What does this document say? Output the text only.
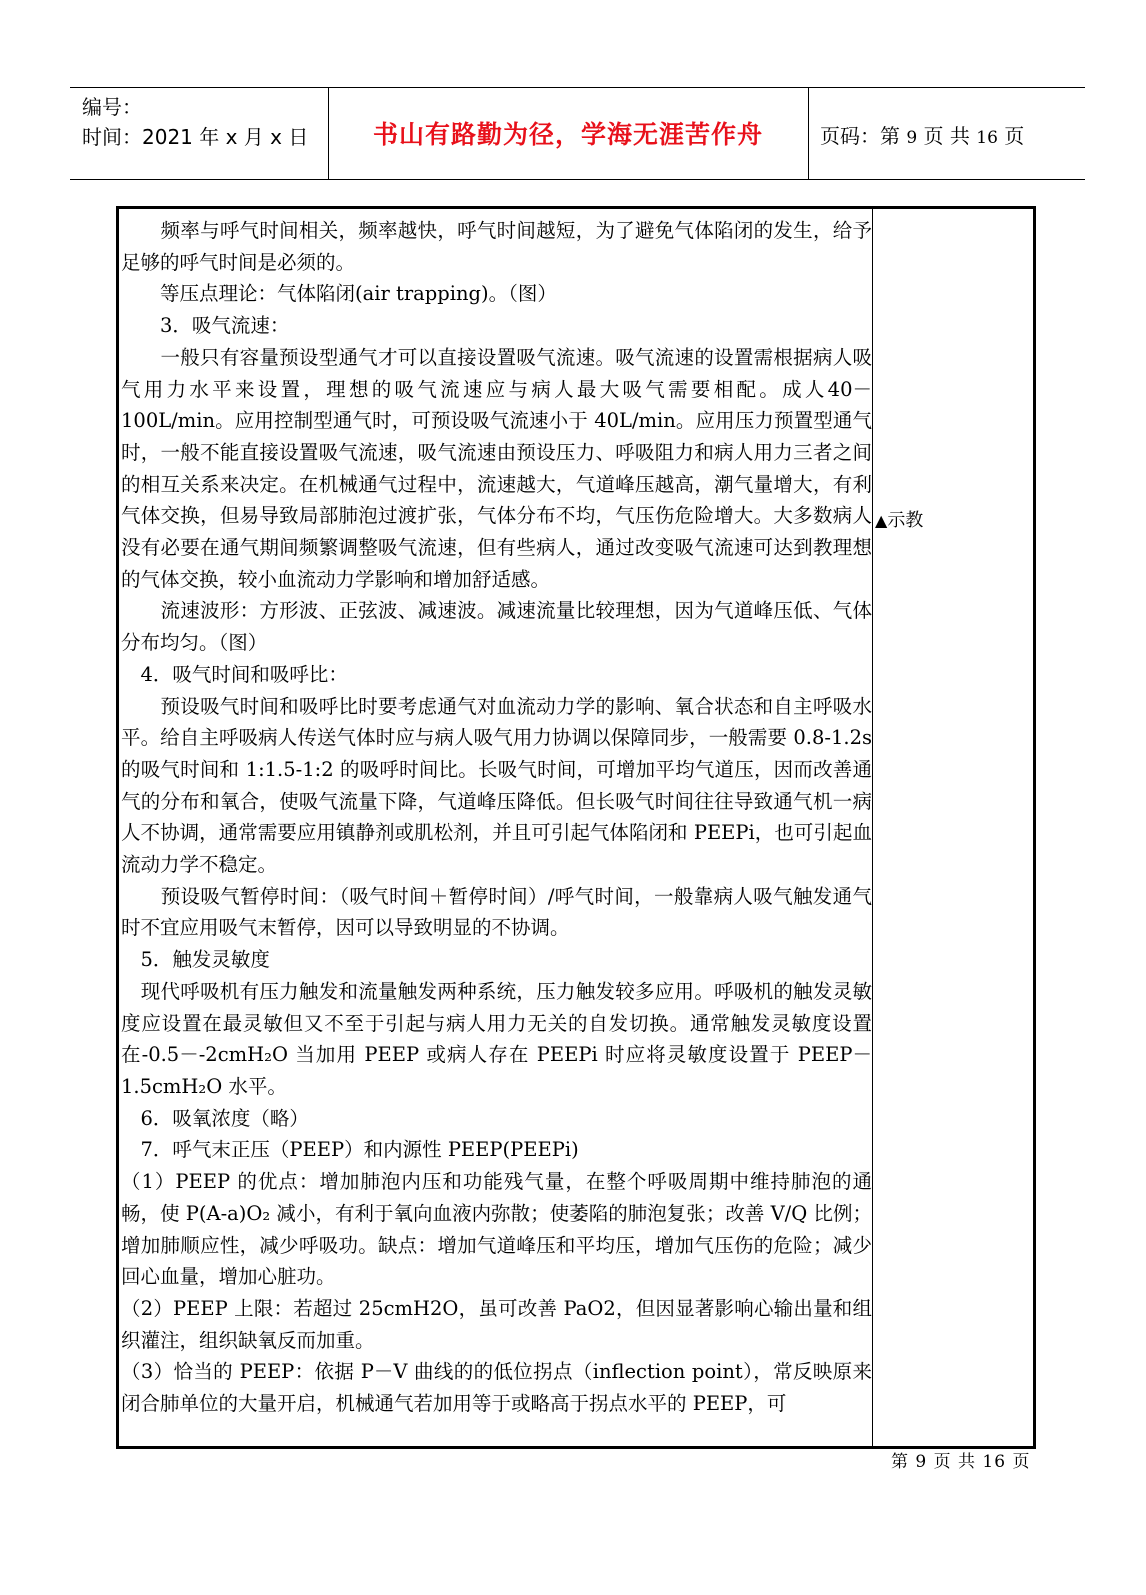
编号：
时间：2021 年 x 月 x 日	书山有路勤为径，学海无涯苦作舟	页码：第 9 页 共 16 页

　　频率与呼气时间相关，频率越快，呼气时间越短，为了避免气体陷闭的发生，给予足够的呼气时间是必须的。

　　等压点理论：气体陷闭(air trapping)。（图）

　　3．吸气流速：

　　一般只有容量预设型通气才可以直接设置吸气流速。吸气流速的设置需根据病人吸气用力水平来设置，理想的吸气流速应与病人最大吸气需要相配。成人40－100L/min。应用控制型通气时，可预设吸气流速小于 40L/min。应用压力预置型通气时，一般不能直接设置吸气流速，吸气流速由预设压力、呼吸阻力和病人用力三者之间的相互关系来决定。在机械通气过程中，流速越大，气道峰压越高，潮气量增大，有利气体交换，但易导致局部肺泡过渡扩张，气体分布不均，气压伤危险增大。大多数病人没有必要在通气期间频繁调整吸气流速，但有些病人，通过改变吸气流速可达到教理想的气体交换，较小血流动力学影响和增加舒适感。

　　流速波形：方形波、正弦波、减速波。减速流量比较理想，因为气道峰压低、气体分布均匀。（图）

　4．吸气时间和吸呼比：

　　预设吸气时间和吸呼比时要考虑通气对血流动力学的影响、氧合状态和自主呼吸水平。给自主呼吸病人传送气体时应与病人吸气用力协调以保障同步，一般需要 0.8-1.2s 的吸气时间和 1:1.5-1:2 的吸呼时间比。长吸气时间，可增加平均气道压，因而改善通气的分布和氧合，使吸气流量下降，气道峰压降低。但长吸气时间往往导致通气机一病人不协调，通常需要应用镇静剂或肌松剂，并且可引起气体陷闭和 PEEPi，也可引起血流动力学不稳定。

　　预设吸气暂停时间：（吸气时间＋暂停时间）/呼气时间，一般靠病人吸气触发通气时不宜应用吸气末暂停，因可以导致明显的不协调。

　5．触发灵敏度

　现代呼吸机有压力触发和流量触发两种系统，压力触发较多应用。呼吸机的触发灵敏度应设置在最灵敏但又不至于引起与病人用力无关的自发切换。通常触发灵敏度设置在-0.5－-2cmH₂O 当加用 PEEP 或病人存在 PEEPi 时应将灵敏度设置于 PEEP－1.5cmH₂O 水平。

　6．吸氧浓度（略）

　7．呼气末正压（PEEP）和内源性 PEEP(PEEPi)

（1）PEEP 的优点：增加肺泡内压和功能残气量，在整个呼吸周期中维持肺泡的通畅，使 P(A-a)O₂ 减小，有利于氧向血液内弥散；使萎陷的肺泡复张；改善 V/Q 比例；增加肺顺应性，减少呼吸功。缺点：增加气道峰压和平均压，增加气压伤的危险；减少回心血量，增加心脏功。

（2）PEEP 上限：若超过 25cmH2O，虽可改善 PaO2，但因显著影响心输出量和组织灌注，组织缺氧反而加重。

（3）恰当的 PEEP：依据 P－V 曲线的的低位拐点（inflection point），常反映原来闭合肺单位的大量开启，机械通气若加用等于或略高于拐点水平的 PEEP，可

▲示教
第 9 页 共 16 页
